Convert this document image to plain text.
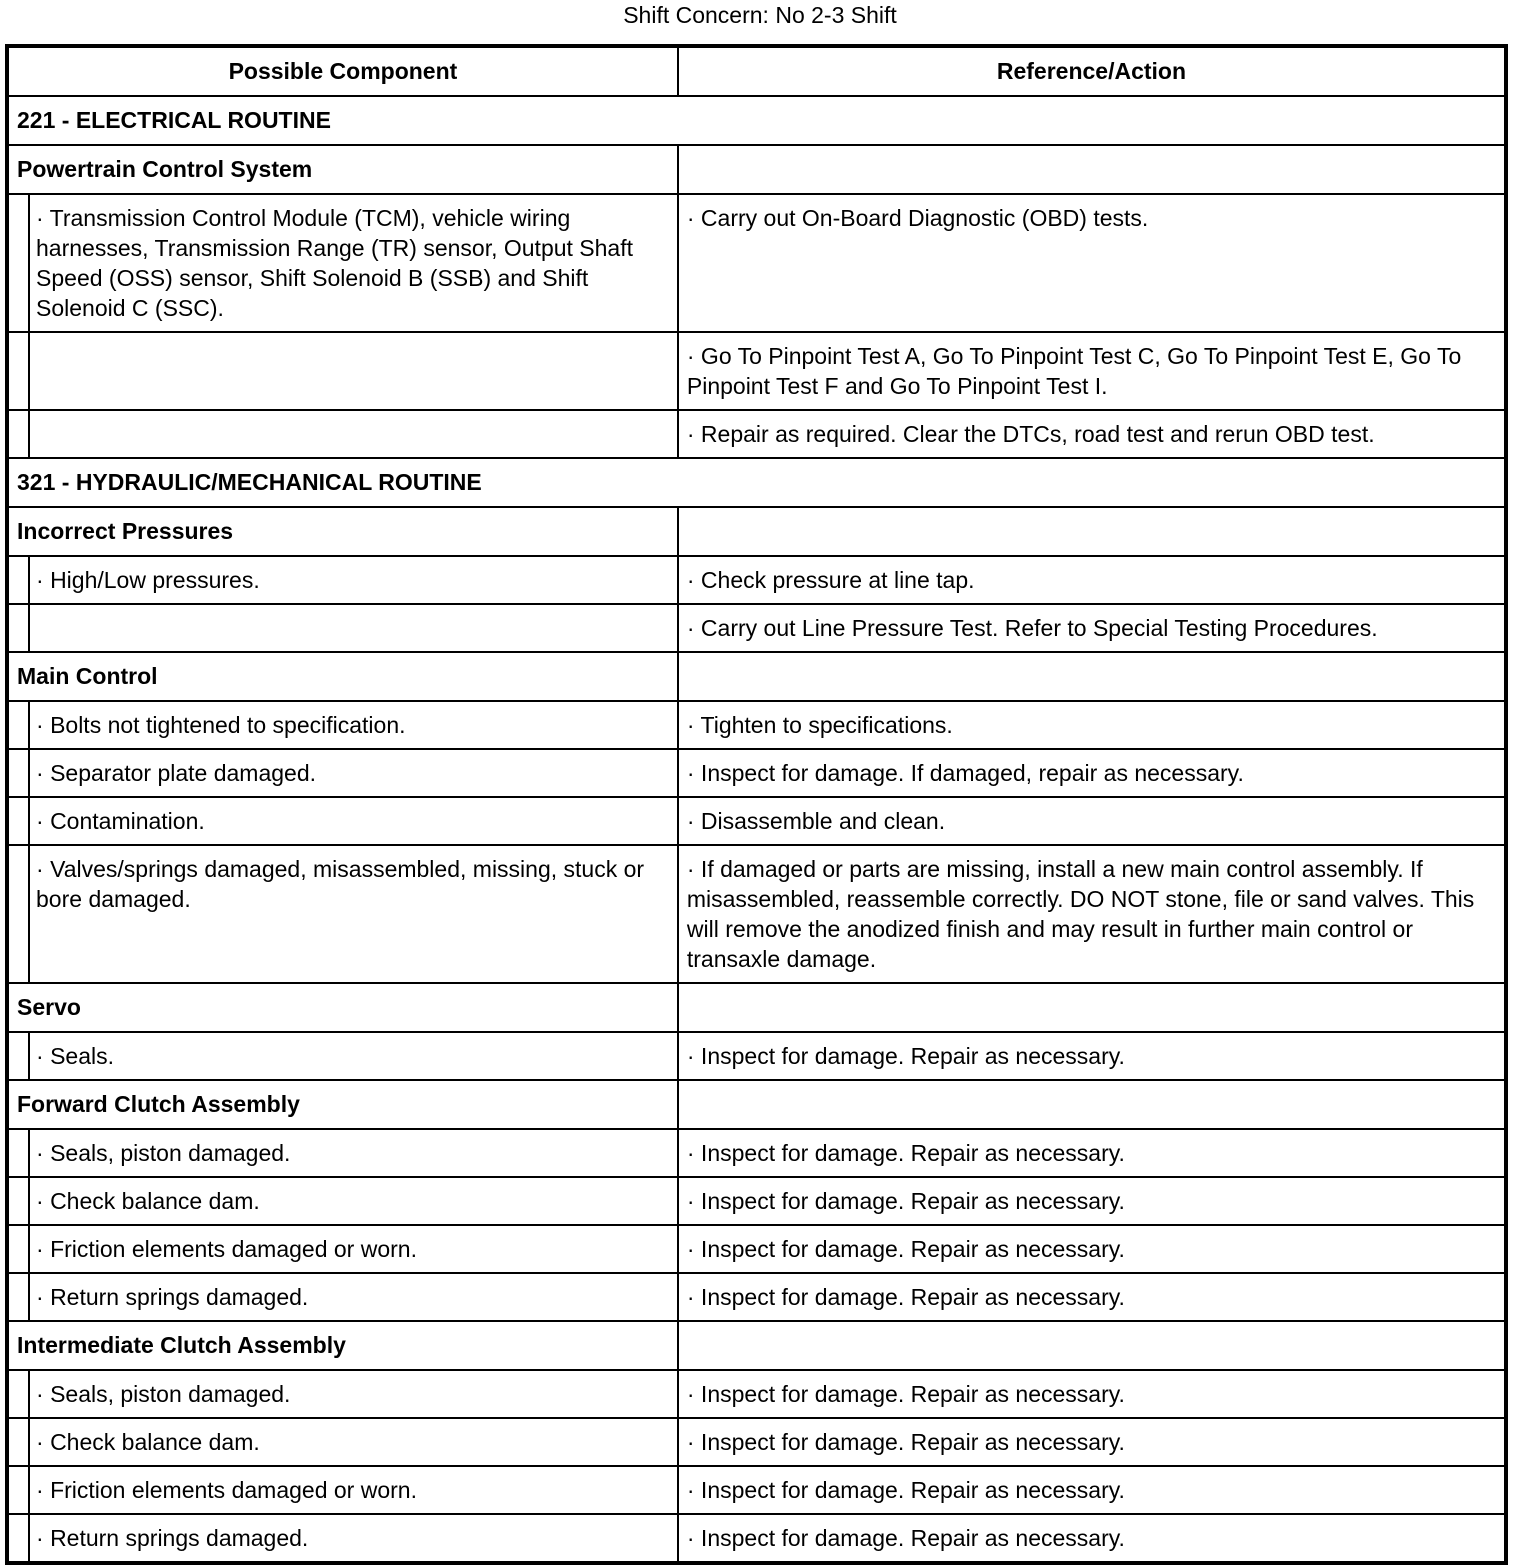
Shift Concern: No 2-3 Shift
Possible Component		Reference/Action
221 - ELECTRICAL ROUTINE		
Powertrain Control System		
	· Transmission Control Module (TCM), vehicle wiring harnesses, Transmission Range (TR) sensor, Output Shaft Speed (OSS) sensor, Shift Solenoid B (SSB) and Shift Solenoid C (SSC).	· Carry out On-Board Diagnostic (OBD) tests.
		· Go To Pinpoint Test A, Go To Pinpoint Test C, Go To Pinpoint Test E, Go To Pinpoint Test F and Go To Pinpoint Test I.
		· Repair as required. Clear the DTCs, road test and rerun OBD test.
321 - HYDRAULIC/MECHANICAL ROUTINE		
Incorrect Pressures		
	· High/Low pressures.	· Check pressure at line tap.
		· Carry out Line Pressure Test. Refer to Special Testing Procedures.
Main Control		
	· Bolts not tightened to specification.	· Tighten to specifications.
	· Separator plate damaged.	· Inspect for damage. If damaged, repair as necessary.
	· Contamination.	· Disassemble and clean.
	· Valves/springs damaged, misassembled, missing, stuck or bore damaged.	· If damaged or parts are missing, install a new main control assembly. If misassembled, reassemble correctly. DO NOT stone, file or sand valves. This will remove the anodized finish and may result in further main control or transaxle damage.
Servo		
	· Seals.	· Inspect for damage. Repair as necessary.
Forward Clutch Assembly		
	· Seals, piston damaged.	· Inspect for damage. Repair as necessary.
	· Check balance dam.	· Inspect for damage. Repair as necessary.
	· Friction elements damaged or worn.	· Inspect for damage. Repair as necessary.
	· Return springs damaged.	· Inspect for damage. Repair as necessary.
Intermediate Clutch Assembly		
	· Seals, piston damaged.	· Inspect for damage. Repair as necessary.
	· Check balance dam.	· Inspect for damage. Repair as necessary.
	· Friction elements damaged or worn.	· Inspect for damage. Repair as necessary.
	· Return springs damaged.	· Inspect for damage. Repair as necessary.
